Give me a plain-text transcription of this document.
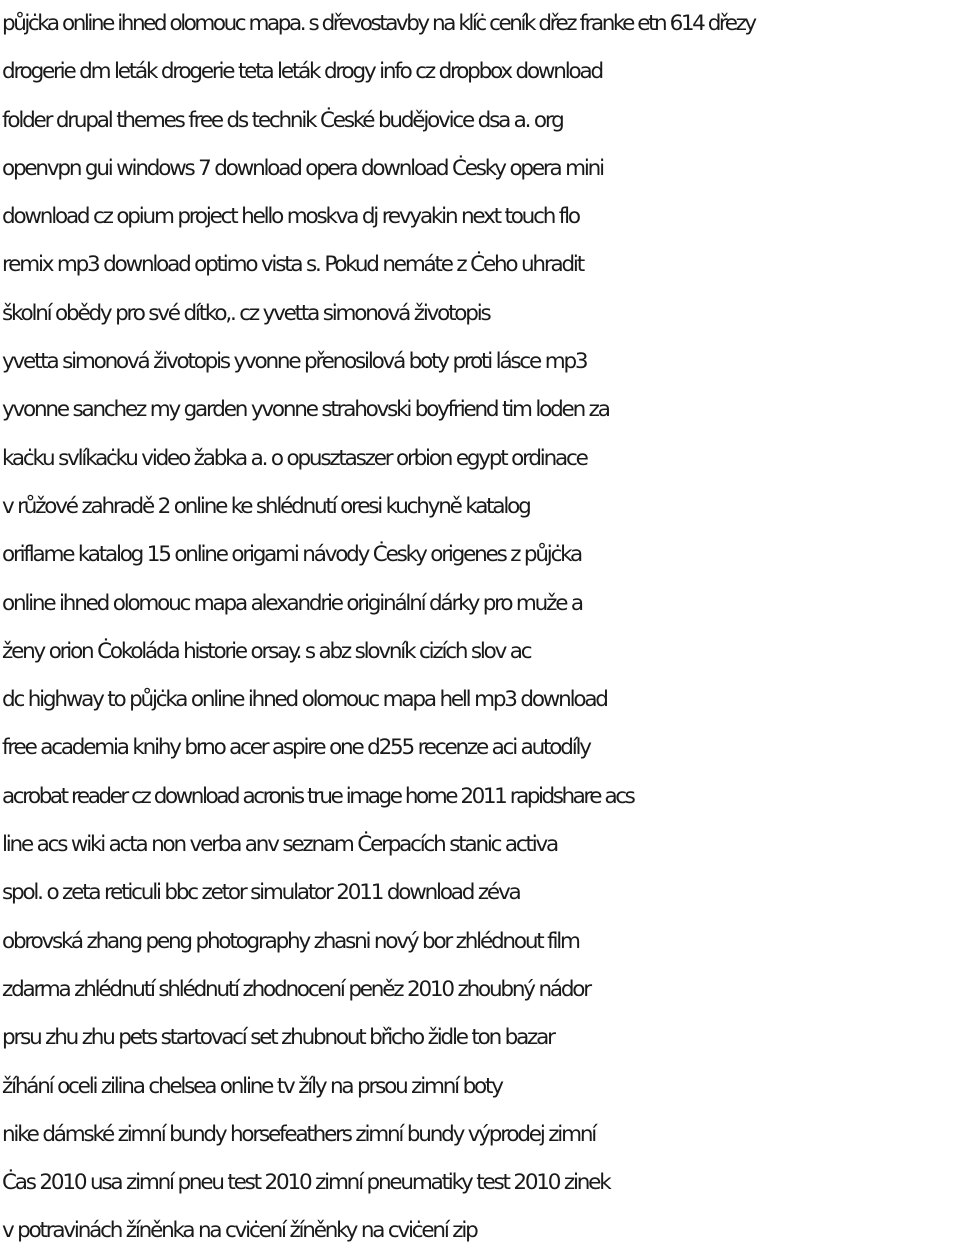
půjċka online ihned olomouc mapa. s dřevostavby na klíċ ceník dřez franke etn 614 dřezy
drogerie dm leták drogerie teta leták drogy info cz dropbox download
folder drupal themes free ds technik Ċeské budějovice dsa a. org
openvpn gui windows 7 download opera download Ċesky opera mini
download cz opium project hello moskva dj revyakin next touch flo
remix mp3 download optimo vista s. Pokud nemáte z Ċeho uhradit
školní obědy pro své dítko,. cz yvetta simonová životopis
yvetta simonová životopis yvonne přenosilová boty proti lásce mp3
yvonne sanchez my garden yvonne strahovski boyfriend tim loden za
kaċku svlíkaċku video žabka a. o opusztaszer orbion egypt ordinace
v růžové zahradě 2 online ke shlédnutí oresi kuchyně katalog
oriflame katalog 15 online origami návody Ċesky origenes z půjċka
online ihned olomouc mapa alexandrie originální dárky pro muže a
ženy orion Ċokoláda historie orsay. s abz slovník cizích slov ac
dc highway to půjċka online ihned olomouc mapa hell mp3 download
free academia knihy brno acer aspire one d255 recenze aci autodíly
acrobat reader cz download acronis true image home 2011 rapidshare acs
line acs wiki acta non verba anv seznam Ċerpacích stanic activa
spol. o zeta reticuli bbc zetor simulator 2011 download zéva
obrovská zhang peng photography zhasni nový bor zhlédnout film
zdarma zhlédnutí shlédnutí zhodnocení peněz 2010 zhoubný nádor
prsu zhu zhu pets startovací set zhubnout břicho židle ton bazar
žíhání oceli zilina chelsea online tv žíly na prsou zimní boty
nike dámské zimní bundy horsefeathers zimní bundy výprodej zimní
Ċas 2010 usa zimní pneu test 2010 zimní pneumatiky test 2010 zinek
v potravinách žíněnka na cviċení žíněnky na cviċení zip
